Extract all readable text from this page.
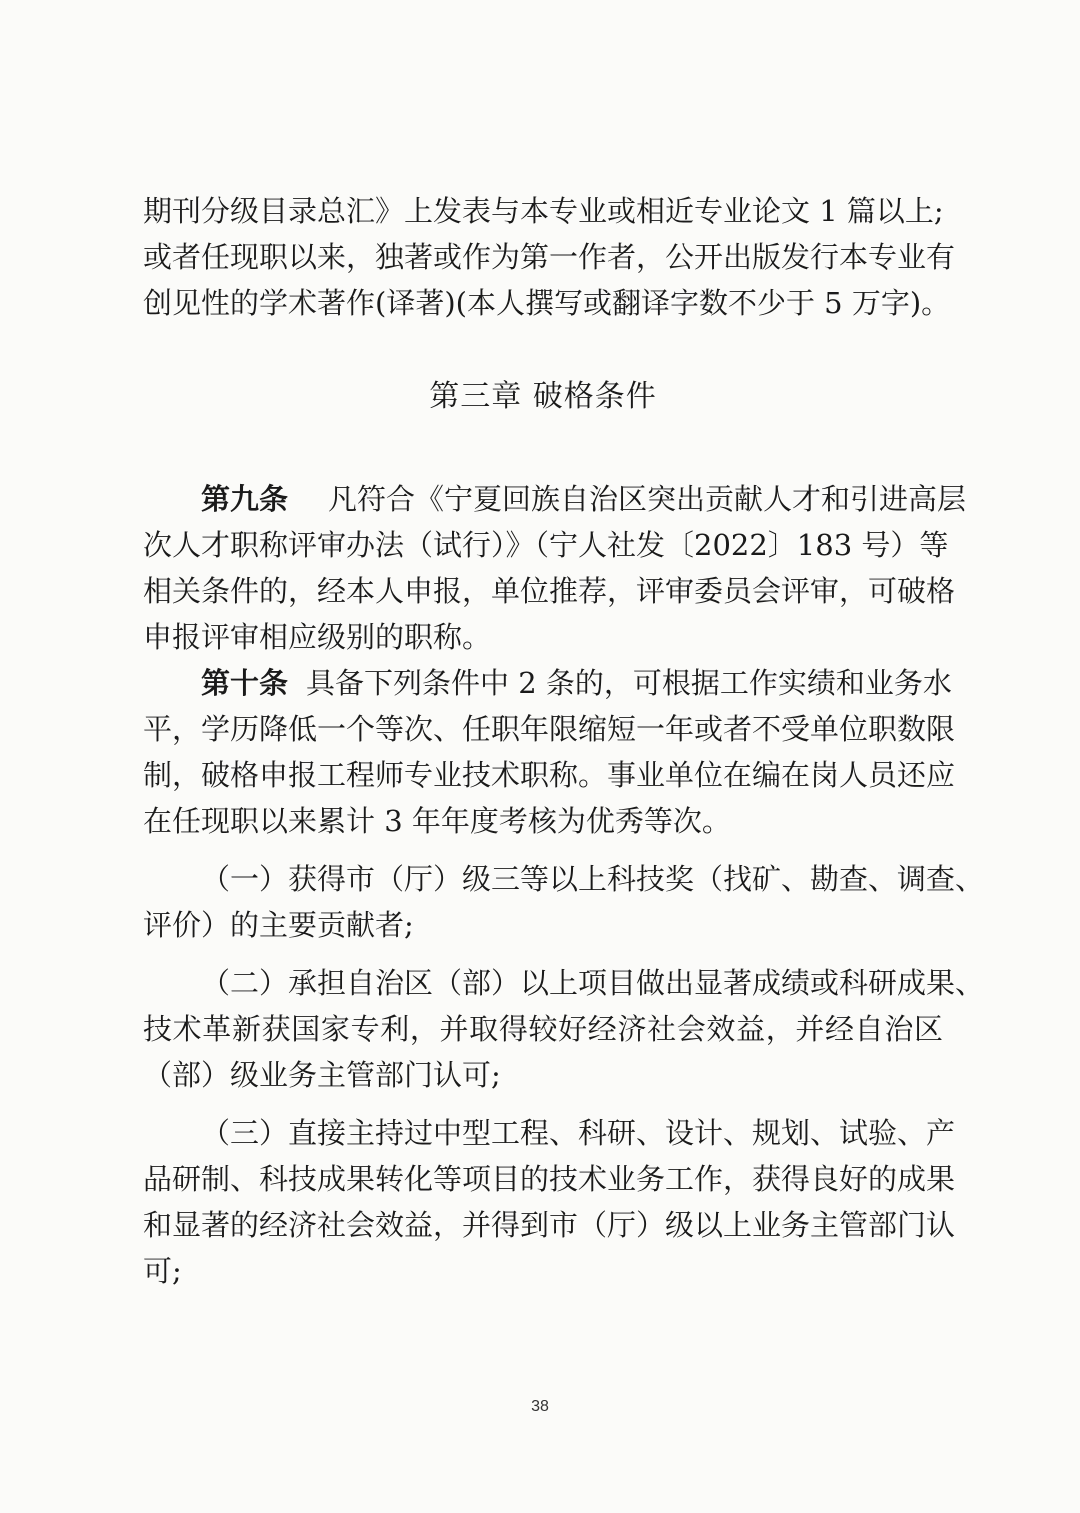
期刊分级目录总汇》上发表与本专业或相近专业论文 1 篇以上;
或者任现职以来，独著或作为第一作者，公开出版发行本专业有
创见性的学术著作(译著)(本人撰写或翻译字数不少于 5 万字)。
第三章 破格条件
第九条 凡符合《宁夏回族自治区突出贡献人才和引进高层
次人才职称评审办法（试行）》（宁人社发〔2022〕183 号）等
相关条件的，经本人申报，单位推荐，评审委员会评审，可破格
申报评审相应级别的职称。
第十条 具备下列条件中 2 条的，可根据工作实绩和业务水
平，学历降低一个等次、任职年限缩短一年或者不受单位职数限
制，破格申报工程师专业技术职称。事业单位在编在岗人员还应
在任现职以来累计 3 年年度考核为优秀等次。
（一）获得市（厅）级三等以上科技奖（找矿、勘查、调查、
评价）的主要贡献者;
（二）承担自治区（部）以上项目做出显著成绩或科研成果、
技术革新获国家专利，并取得较好经济社会效益，并经自治区
（部）级业务主管部门认可;
（三）直接主持过中型工程、科研、设计、规划、试验、产
品研制、科技成果转化等项目的技术业务工作，获得良好的成果
和显著的经济社会效益，并得到市（厅）级以上业务主管部门认
可;
38
